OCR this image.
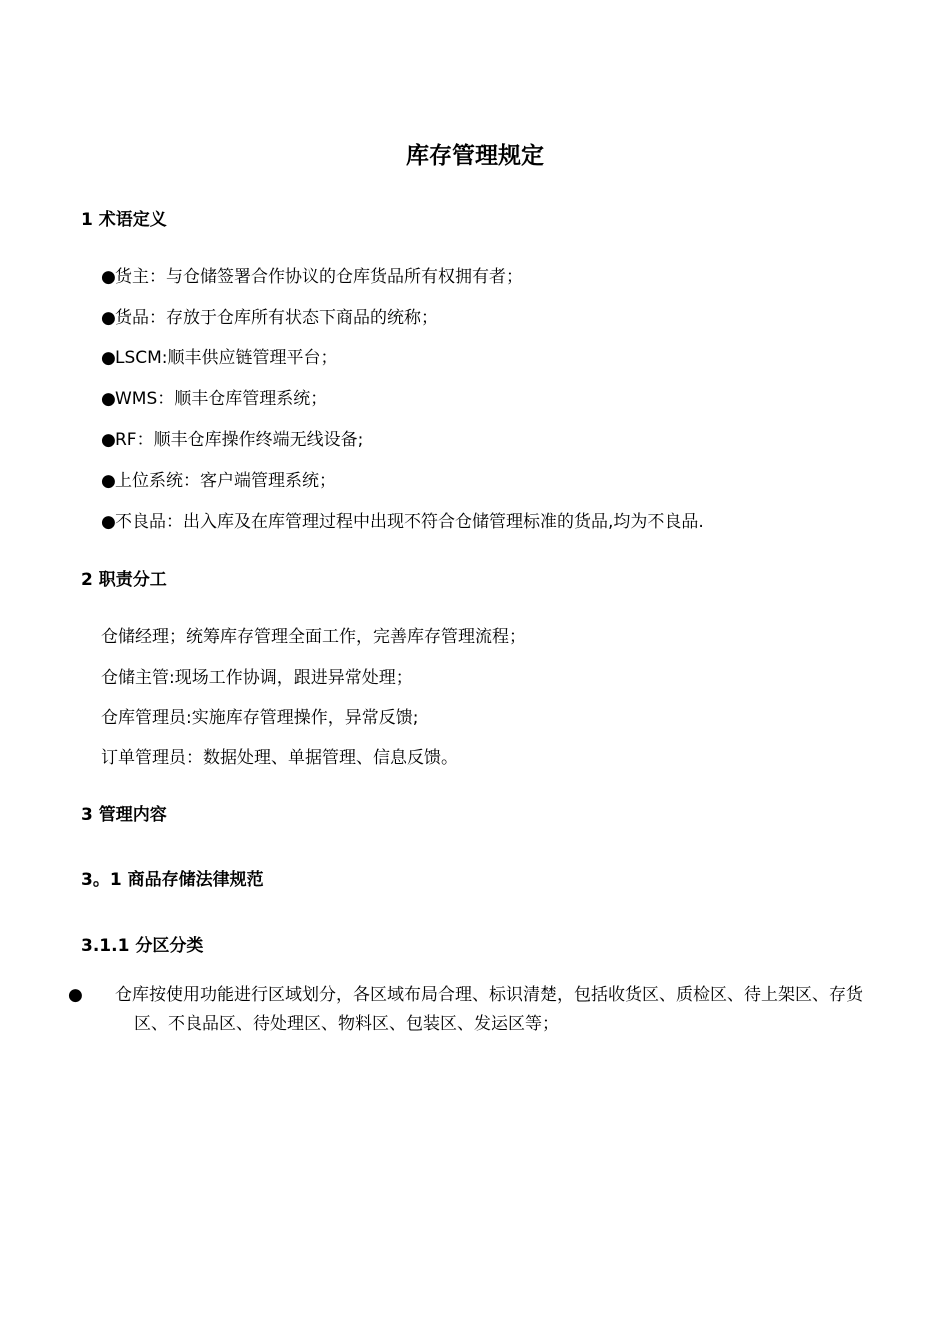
库存管理规定
1 术语定义
●货主：与仓储签署合作协议的仓库货品所有权拥有者；
●货品：存放于仓库所有状态下商品的统称；
●LSCM:顺丰供应链管理平台；
●WMS：顺丰仓库管理系统；
●RF：顺丰仓库操作终端无线设备;
●上位系统：客户端管理系统；
●不良品：出入库及在库管理过程中出现不符合仓储管理标准的货品,均为不良品.
2 职责分工
仓储经理；统筹库存管理全面工作，完善库存管理流程；
仓储主管:现场工作协调，跟进异常处理；
仓库管理员:实施库存管理操作，异常反馈;
订单管理员：数据处理、单据管理、信息反馈。
3 管理内容
3。1 商品存储法律规范
3.1.1 分区分类
● 仓库按使用功能进行区域划分，各区域布局合理、标识清楚，包括收货区、质检区、待上架区、存货区、不良品区、待处理区、物料区、包装区、发运区等；
